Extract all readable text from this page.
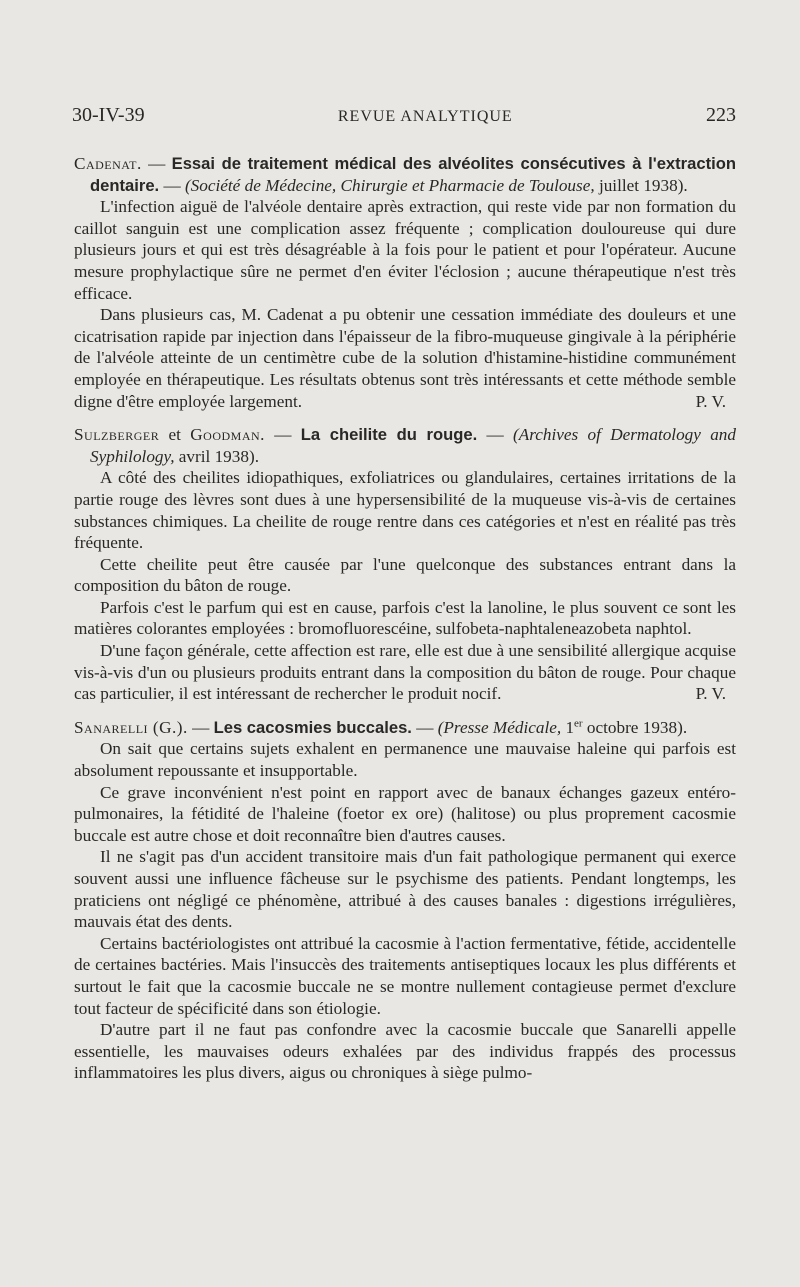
30-IV-39	REVUE ANALYTIQUE	223
Cadenat. — Essai de traitement médical des alvéolites consécutives à l'extraction dentaire. — (Société de Médecine, Chirurgie et Pharmacie de Toulouse, juillet 1938).

L'infection aiguë de l'alvéole dentaire après extraction, qui reste vide par non formation du caillot sanguin est une complication assez fréquente ; complication douloureuse qui dure plusieurs jours et qui est très désagréable à la fois pour le patient et pour l'opérateur. Aucune mesure prophylactique sûre ne permet d'en éviter l'éclosion ; aucune thérapeutique n'est très efficace.

Dans plusieurs cas, M. Cadenat a pu obtenir une cessation immédiate des douleurs et une cicatrisation rapide par injection dans l'épaisseur de la fibro-muqueuse gingivale à la périphérie de l'alvéole atteinte de un centimètre cube de la solution d'histamine-histidine communément employée en thérapeutique. Les résultats obtenus sont très intéressants et cette méthode semble digne d'être employée largement.	P. V.

Sulzberger et Goodman. — La cheilite du rouge. — (Archives of Dermatology and Syphilology, avril 1938).

A côté des cheilites idiopathiques, exfoliatrices ou glandulaires, certaines irritations de la partie rouge des lèvres sont dues à une hypersensibilité de la muqueuse vis-à-vis de certaines substances chimiques. La cheilite de rouge rentre dans ces catégories et n'est en réalité pas très fréquente.

Cette cheilite peut être causée par l'une quelconque des substances entrant dans la composition du bâton de rouge.

Parfois c'est le parfum qui est en cause, parfois c'est la lanoline, le plus souvent ce sont les matières colorantes employées : bromofluorescéine, sulfobeta-naphtaleneazobeta naphtol.

D'une façon générale, cette affection est rare, elle est due à une sensibilité allergique acquise vis-à-vis d'un ou plusieurs produits entrant dans la composition du bâton de rouge. Pour chaque cas particulier, il est intéressant de rechercher le produit nocif.	P. V.

Sanarelli (G.). — Les cacosmies buccales. — (Presse Médicale, 1er octobre 1938).

On sait que certains sujets exhalent en permanence une mauvaise haleine qui parfois est absolument repoussante et insupportable.

Ce grave inconvénient n'est point en rapport avec de banaux échanges gazeux entéro-pulmonaires, la fétidité de l'haleine (foetor ex ore) (halitose) ou plus proprement cacosmie buccale est autre chose et doit reconnaître bien d'autres causes.

Il ne s'agit pas d'un accident transitoire mais d'un fait pathologique permanent qui exerce souvent aussi une influence fâcheuse sur le psychisme des patients. Pendant longtemps, les praticiens ont négligé ce phénomène, attribué à des causes banales : digestions irrégulières, mauvais état des dents.

Certains bactériologistes ont attribué la cacosmie à l'action fermentative, fétide, accidentelle de certaines bactéries. Mais l'insuccès des traitements antiseptiques locaux les plus différents et surtout le fait que la cacosmie buccale ne se montre nullement contagieuse permet d'exclure tout facteur de spécificité dans son étiologie.

D'autre part il ne faut pas confondre avec la cacosmie buccale que Sanarelli appelle essentielle, les mauvaises odeurs exhalées par des individus frappés des processus inflammatoires les plus divers, aigus ou chroniques à siège pulmo-
